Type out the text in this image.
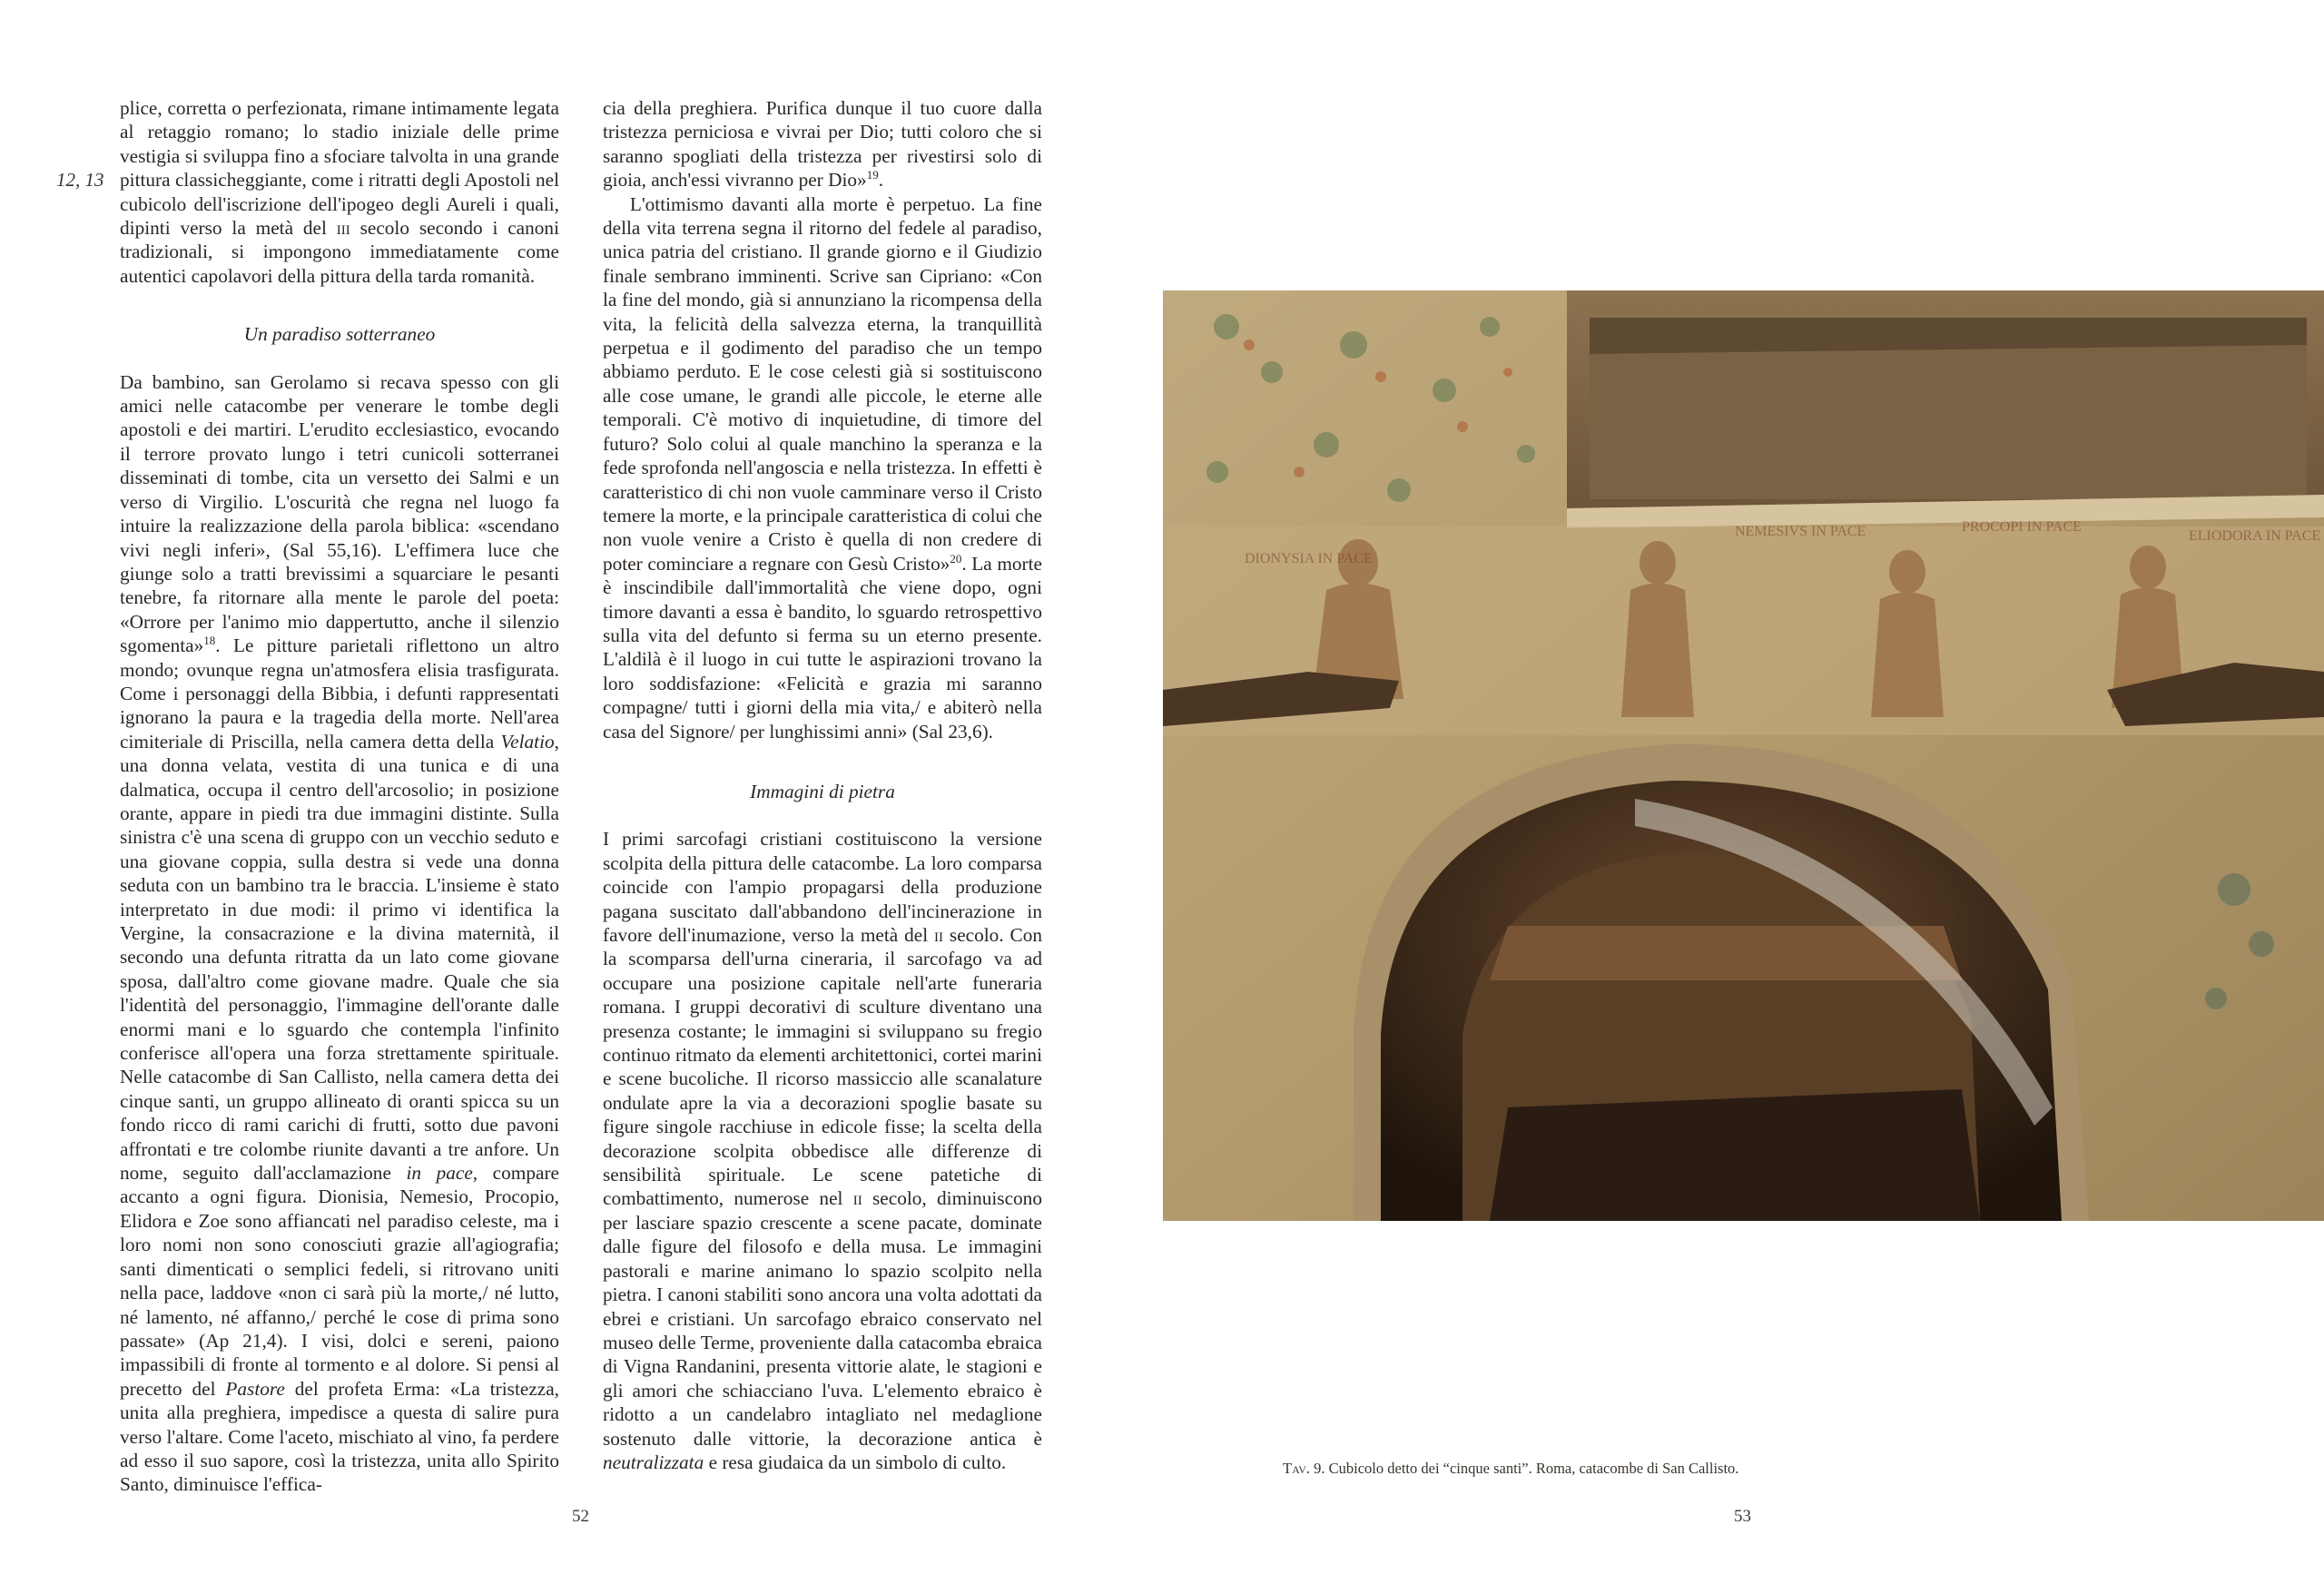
12, 13

plice, corretta o perfezionata, rimane intimamente legata al retaggio romano; lo stadio iniziale delle prime vestigia si sviluppa fino a sfociare talvolta in una grande pittura classicheggiante, come i ritratti degli Apostoli nel cubicolo dell'iscrizione dell'ipogeo degli Aureli i quali, dipinti verso la metà del iii secolo secondo i canoni tradizionali, si impongono immediatamente come autentici capolavori della pittura della tarda romanità.

Un paradiso sotterraneo

Da bambino, san Gerolamo si recava spesso con gli amici nelle catacombe per venerare le tombe degli apostoli e dei martiri. L'erudito ecclesiastico, evocando il terrore provato lungo i tetri cunicoli sotterranei disseminati di tombe, cita un versetto dei Salmi e un verso di Virgilio. L'oscurità che regna nel luogo fa intuire la realizzazione della parola biblica: «scendano vivi negli inferi», (Sal 55,16). L'effimera luce che giunge solo a tratti brevissimi a squarciare le pesanti tenebre, fa ritornare alla mente le parole del poeta: «Orrore per l'animo mio dappertutto, anche il silenzio sgomenta»$^{18}$. Le pitture parietali riflettono un altro mondo; ovunque regna un'atmosfera elisia trasfigurata. Come i personaggi della Bibbia, i defunti rappresentati ignorano la paura e la tragedia della morte. Nell'area cimiteriale di Priscilla, nella camera detta della Velatio, una donna velata, vestita di una tunica e di una dalmatica, occupa il centro dell'arcosolio; in posizione orante, appare in piedi tra due immagini distinte. Sulla sinistra c'è una scena di gruppo con un vecchio seduto e una giovane coppia, sulla destra si vede una donna seduta con un bambino tra le braccia. L'insieme è stato interpretato in due modi: il primo vi identifica la Vergine, la consacrazione e la divina maternità, il secondo una defunta ritratta da un lato come giovane sposa, dall'altro come giovane madre. Quale che sia l'identità del personaggio, l'immagine dell'orante dalle enormi mani e lo sguardo che contempla l'infinito conferisce all'opera una forza strettamente spirituale. Nelle catacombe di San Callisto, nella camera detta dei cinque santi, un gruppo allineato di oranti spicca su un fondo ricco di rami carichi di frutti, sotto due pavoni affrontati e tre colombe riunite davanti a tre anfore. Un nome, seguito dall'acclamazione in pace, compare accanto a ogni figura. Dionisia, Nemesio, Procopio, Elidora e Zoe sono affiancati nel paradiso celeste, ma i loro nomi non sono conosciuti grazie all'agiografia; santi dimenticati o semplici fedeli, si ritrovano uniti nella pace, laddove «non ci sarà più la morte,/ né lutto, né lamento, né affanno,/ perché le cose di prima sono passate» (Ap 21,4). I visi, dolci e sereni, paiono impassibili di fronte al tormento e al dolore. Si pensi al precetto del Pastore del profeta Erma: «La tristezza, unita alla preghiera, impedisce a questa di salire pura verso l'altare. Come l'aceto, mischiato al vino, fa perdere ad esso il suo sapore, così la tristezza, unita allo Spirito Santo, diminuisce l'effica-

cia della preghiera. Purifica dunque il tuo cuore dalla tristezza perniciosa e vivrai per Dio; tutti coloro che si saranno spogliati della tristezza per rivestirsi solo di gioia, anch'essi vivranno per Dio»$^{19}$.

L'ottimismo davanti alla morte è perpetuo. La fine della vita terrena segna il ritorno del fedele al paradiso, unica patria del cristiano. Il grande giorno e il Giudizio finale sembrano imminenti. Scrive san Cipriano: «Con la fine del mondo, già si annunziano la ricompensa della vita, la felicità della salvezza eterna, la tranquillità perpetua e il godimento del paradiso che un tempo abbiamo perduto. E le cose celesti già si sostituiscono alle cose umane, le grandi alle piccole, le eterne alle temporali. C'è motivo di inquietudine, di timore del futuro? Solo colui al quale manchino la speranza e la fede sprofonda nell'angoscia e nella tristezza. In effetti è caratteristico di chi non vuole camminare verso il Cristo temere la morte, e la principale caratteristica di colui che non vuole venire a Cristo è quella di non credere di poter cominciare a regnare con Gesù Cristo»$^{20}$. La morte è inscindibile dall'immortalità che viene dopo, ogni timore davanti a essa è bandito, lo sguardo retrospettivo sulla vita del defunto si ferma su un eterno presente. L'aldilà è il luogo in cui tutte le aspirazioni trovano la loro soddisfazione: «Felicità e grazia mi saranno compagne/ tutti i giorni della mia vita,/ e abiterò nella casa del Signore/ per lunghissimi anni» (Sal 23,6).

Immagini di pietra

I primi sarcofagi cristiani costituiscono la versione scolpita della pittura delle catacombe. La loro comparsa coincide con l'ampio propagarsi della produzione pagana suscitato dall'abbandono dell'incinerazione in favore dell'inumazione, verso la metà del ii secolo. Con la scomparsa dell'urna cineraria, il sarcofago va ad occupare una posizione capitale nell'arte funeraria romana. I gruppi decorativi di sculture diventano una presenza costante; le immagini si sviluppano su fregio continuo ritmato da elementi architettonici, cortei marini e scene bucoliche. Il ricorso massiccio alle scanalature ondulate apre la via a decorazioni spoglie basate su figure singole racchiuse in edicole fisse; la scelta della decorazione scolpita obbedisce alle differenze di sensibilità spirituale. Le scene patetiche di combattimento, numerose nel ii secolo, diminuiscono per lasciare spazio crescente a scene pacate, dominate dalle figure del filosofo e della musa. Le immagini pastorali e marine animano lo spazio scolpito nella pietra. I canoni stabiliti sono ancora una volta adottati da ebrei e cristiani. Un sarcofago ebraico conservato nel museo delle Terme, proveniente dalla catacomba ebraica di Vigna Randanini, presenta vittorie alate, le stagioni e gli amori che schiacciano l'uva. L'elemento ebraico è ridotto a un candelabro intagliato nel medaglione sostenuto dalle vittorie, la decorazione antica è neutralizzata e resa giudaica da un simbolo di culto.

52
DIONYSIA IN PACE
NEMESIVS IN PACE	PROCOPI IN PACE
ELIODORA IN PACE
Tav. 9. Cubicolo detto dei “cinque santi”. Roma, catacombe di San Callisto.
53
